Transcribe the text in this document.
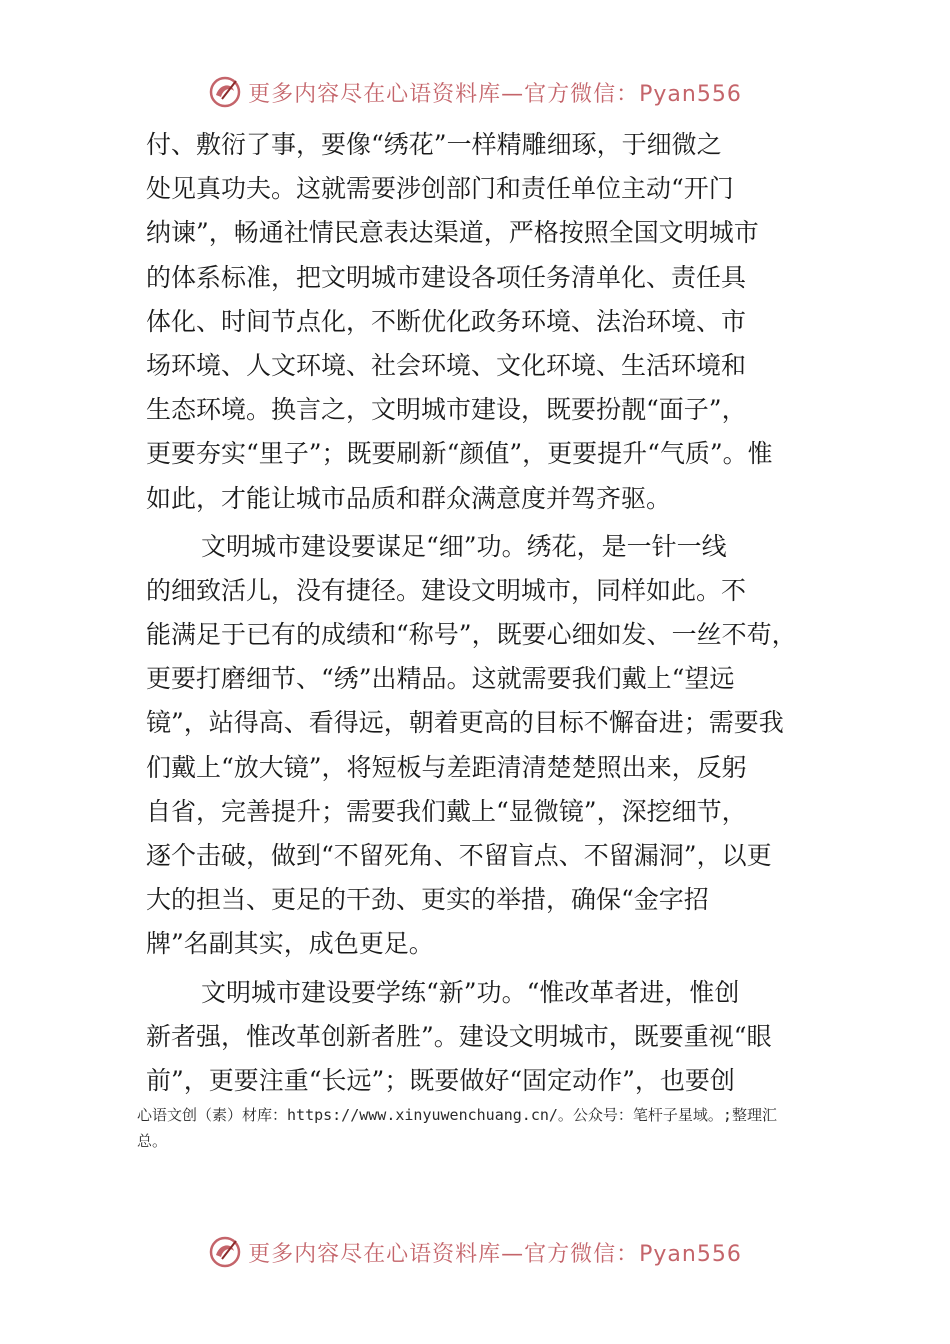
更多内容尽在心语资料库—官方微信：Pyan556
付、敷衍了事，要像“绣花”一样精雕细琢，于细微之
处见真功夫。这就需要涉创部门和责任单位主动“开门
纳谏”，畅通社情民意表达渠道，严格按照全国文明城市
的体系标准，把文明城市建设各项任务清单化、责任具
体化、时间节点化，不断优化政务环境、法治环境、市
场环境、人文环境、社会环境、文化环境、生活环境和
生态环境。换言之，文明城市建设，既要扮靓“面子”，
更要夯实“里子”；既要刷新“颜值”，更要提升“气质”。惟
如此，才能让城市品质和群众满意度并驾齐驱。
文明城市建设要谋足“细”功。绣花，是一针一线
的细致活儿，没有捷径。建设文明城市，同样如此。不
能满足于已有的成绩和“称号”，既要心细如发、一丝不苟，
更要打磨细节、“绣”出精品。这就需要我们戴上“望远
镜”，站得高、看得远，朝着更高的目标不懈奋进；需要我
们戴上“放大镜”，将短板与差距清清楚楚照出来，反躬
自省，完善提升；需要我们戴上“显微镜”，深挖细节，
逐个击破，做到“不留死角、不留盲点、不留漏洞”，以更
大的担当、更足的干劲、更实的举措，确保“金字招
牌”名副其实，成色更足。
文明城市建设要学练“新”功。“惟改革者进，惟创
新者强，惟改革创新者胜”。建设文明城市，既要重视“眼
前”，更要注重“长远”；既要做好“固定动作”，也要创
心语文创（素）材库：https://www.xinyuwenchuang.cn/。公众号：笔杆子星域。;整理汇
总。
更多内容尽在心语资料库—官方微信：Pyan556
